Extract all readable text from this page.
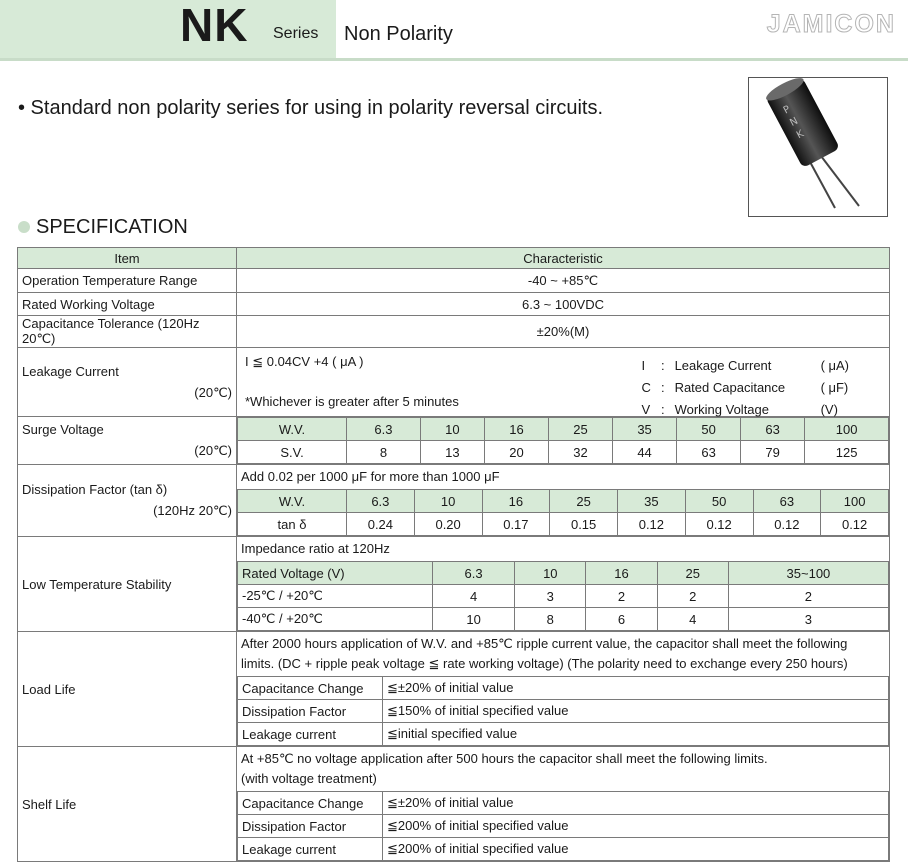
NK Series Non Polarity	JAMICON
• Standard non polarity series for using in polarity reversal circuits.	P
N
K
SPECIFICATION
Item	Characteristic
Operation Temperature Range	-40 ~ +85℃
Rated Working Voltage	6.3 ~ 100VDC
Capacitance Tolerance (120Hz 20℃)	±20%(M)

Leakage Current
(20℃)

I ≦ 0.04CV +4 ( μA )
*Whichever is greater after 5 minutes
I	:	Leakage Current	( μA)
C	:	Rated Capacitance	( μF)
V	:	Working Voltage	(V)

Surge Voltage
(20℃)

W.V.	6.3	10	16	25	35	50	63	100
S.V.	8	13	20	32	44	63	79	125

Dissipation Factor (tan δ)
(120Hz 20℃)

Add 0.02 per 1000 μF for more than 1000 μF
W.V.	6.3	10	16	25	35	50	63	100
tan δ	0.24	0.20	0.17	0.15	0.12	0.12	0.12	0.12

Low Temperature Stability	
Impedance ratio at 120Hz
Rated Voltage (V)	6.3	10	16	25	35~100
-25℃ / +20℃	4	3	2	2	2
-40℃ / +20℃	10	8	6	4	3

Load Life	
After 2000 hours application of W.V. and +85℃ ripple current value, the capacitor shall meet the following
limits. (DC + ripple peak voltage ≦ rate working voltage) (The polarity need to exchange every 250 hours)
Capacitance Change	≦±20% of initial value
Dissipation Factor	≦150% of initial specified value
Leakage current	≦initial specified value

Shelf Life	
At +85℃ no voltage application after 500 hours the capacitor shall meet the following limits.
(with voltage treatment)
Capacitance Change	≦±20% of initial value
Dissipation Factor	≦200% of initial specified value
Leakage current	≦200% of initial specified value
